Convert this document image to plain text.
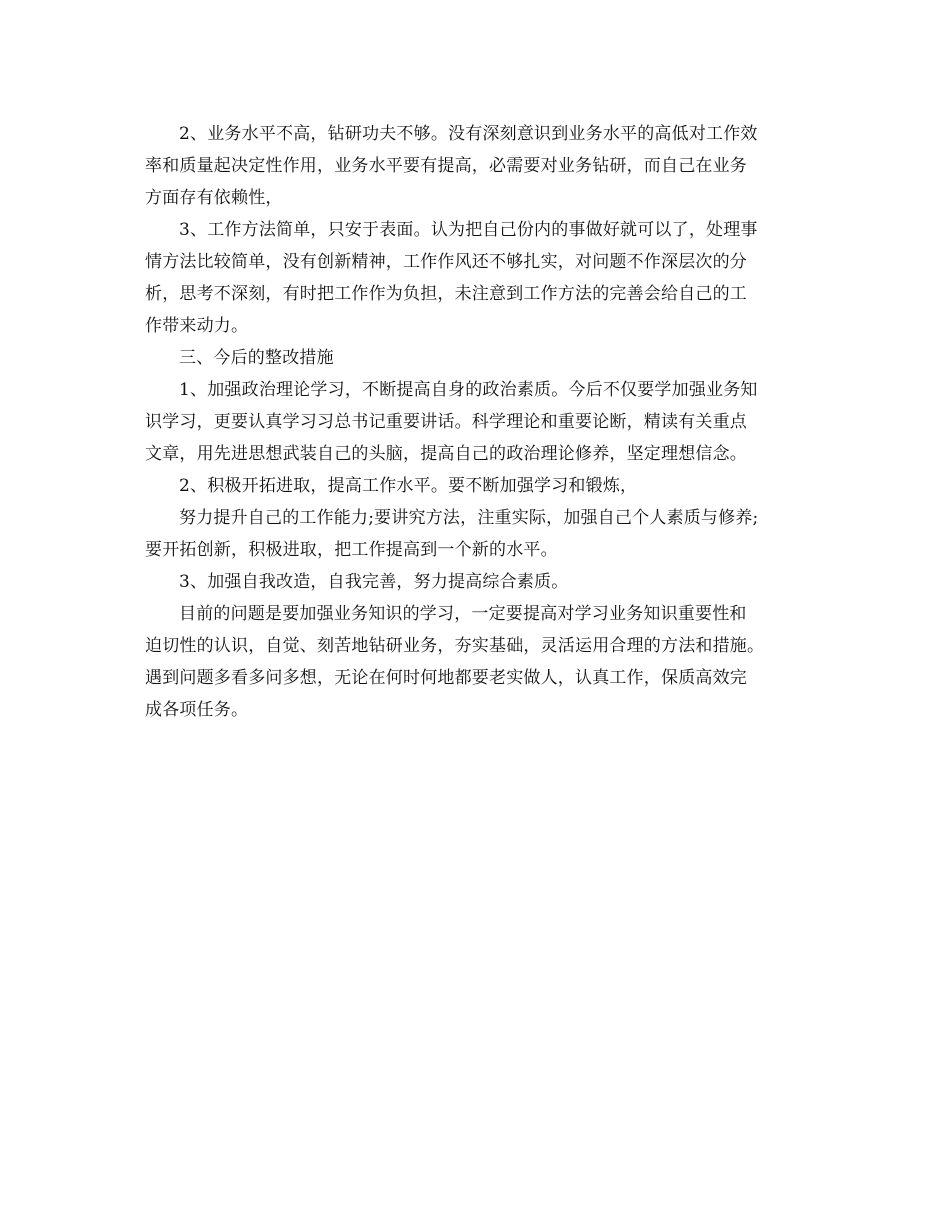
2、业务水平不高，钻研功夫不够。没有深刻意识到业务水平的高低对工作效
率和质量起决定性作用，业务水平要有提高，必需要对业务钻研，而自己在业务
方面存有依赖性，
3、工作方法简单，只安于表面。认为把自己份内的事做好就可以了，处理事
情方法比较简单，没有创新精神，工作作风还不够扎实，对问题不作深层次的分
析，思考不深刻，有时把工作作为负担，未注意到工作方法的完善会给自己的工
作带来动力。
三、今后的整改措施
1、加强政治理论学习，不断提高自身的政治素质。今后不仅要学加强业务知
识学习，更要认真学习习总书记重要讲话。科学理论和重要论断，精读有关重点
文章，用先进思想武装自己的头脑，提高自己的政治理论修养，坚定理想信念。
2、积极开拓进取，提高工作水平。要不断加强学习和锻炼，
努力提升自己的工作能力;要讲究方法，注重实际，加强自己个人素质与修养;
要开拓创新，积极进取，把工作提高到一个新的水平。
3、加强自我改造，自我完善，努力提高综合素质。
目前的问题是要加强业务知识的学习，一定要提高对学习业务知识重要性和
迫切性的认识，自觉、刻苦地钻研业务，夯实基础，灵活运用合理的方法和措施。
遇到问题多看多问多想，无论在何时何地都要老实做人，认真工作，保质高效完
成各项任务。
